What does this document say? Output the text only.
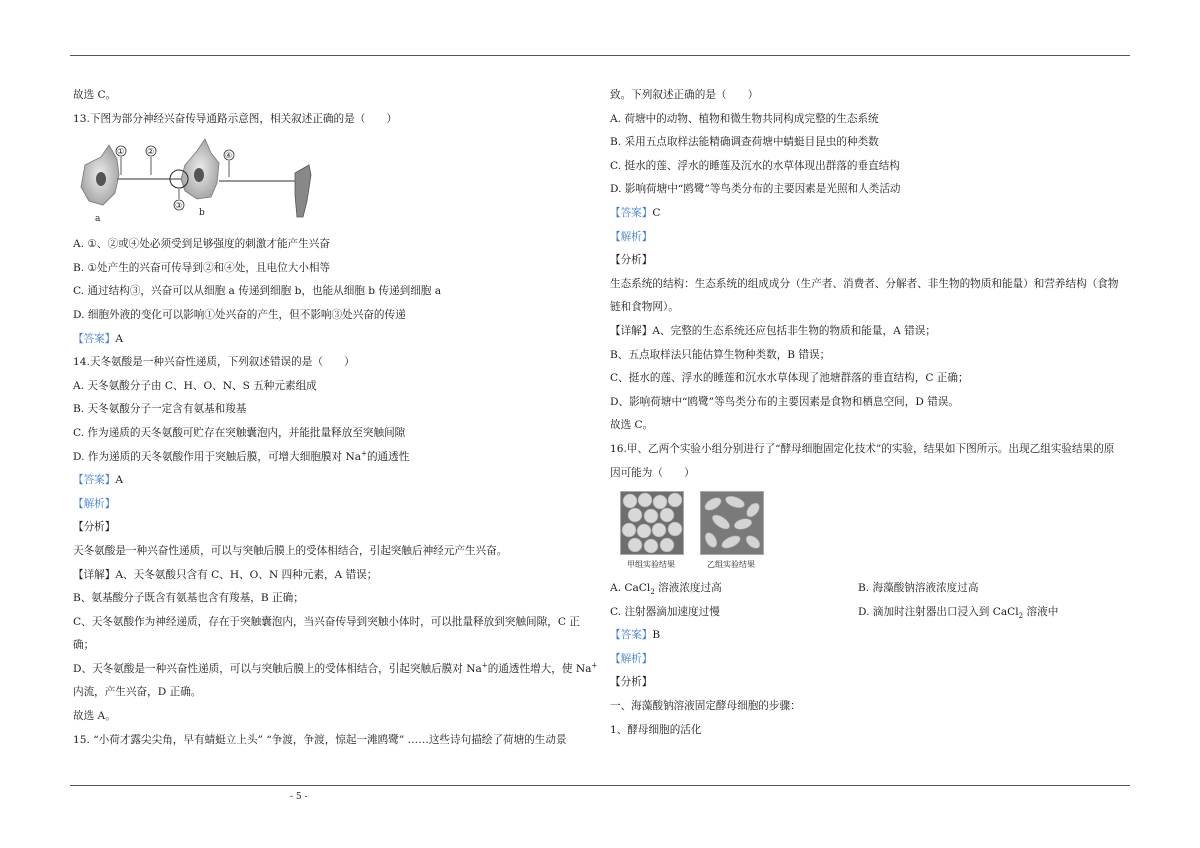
故选 C。
13.下图为部分神经兴奋传导通路示意图，相关叙述正确的是（　　）
①	②	④
③
a
b
A. ①、②或④处必须受到足够强度的刺激才能产生兴奋
B. ①处产生的兴奋可传导到②和④处，且电位大小相等
C. 通过结构③，兴奋可以从细胞 a 传递到细胞 b，也能从细胞 b 传递到细胞 a
D. 细胞外液的变化可以影响①处兴奋的产生，但不影响③处兴奋的传递
【答案】A
14.天冬氨酸是一种兴奋性递质，下列叙述错误的是（　　）
A. 天冬氨酸分子由 C、H、O、N、S 五种元素组成
B. 天冬氨酸分子一定含有氨基和羧基
C. 作为递质的天冬氨酸可贮存在突触囊泡内，并能批量释放至突触间隙
D. 作为递质的天冬氨酸作用于突触后膜，可增大细胞膜对 Na+的通透性
【答案】A
【解析】
【分析】
天冬氨酸是一种兴奋性递质，可以与突触后膜上的受体相结合，引起突触后神经元产生兴奋。
【详解】A、天冬氨酸只含有 C、H、O、N 四种元素，A 错误；
B、氨基酸分子既含有氨基也含有羧基，B 正确；
C、天冬氨酸作为神经递质，存在于突触囊泡内，当兴奋传导到突触小体时，可以批量释放到突触间隙，C 正
确；
D、天冬氨酸是一种兴奋性递质，可以与突触后膜上的受体相结合，引起突触后膜对 Na+的通透性增大，使 Na+
内流，产生兴奋，D 正确。
故选 A。
15. “小荷才露尖尖角，早有蜻蜓立上头” “争渡，争渡，惊起一滩鸥鹭” ……这些诗句描绘了荷塘的生动景
致。下列叙述正确的是（　　）
A. 荷塘中的动物、植物和微生物共同构成完整的生态系统
B. 采用五点取样法能精确调查荷塘中蜻蜓目昆虫的种类数
C. 挺水的莲、浮水的睡莲及沉水的水草体现出群落的垂直结构
D. 影响荷塘中“鸥鹭”等鸟类分布的主要因素是光照和人类活动
【答案】C
【解析】
【分析】
生态系统的结构：生态系统的组成成分（生产者、消费者、分解者、非生物的物质和能量）和营养结构（食物
链和食物网）。
【详解】A、完整的生态系统还应包括非生物的物质和能量，A 错误；
B、五点取样法只能估算生物种类数，B 错误；
C、挺水的莲、浮水的睡莲和沉水水草体现了池塘群落的垂直结构，C 正确；
D、影响荷塘中“鸥鹭”等鸟类分布的主要因素是食物和栖息空间，D 错误。
故选 C。
16.甲、乙两个实验小组分别进行了“酵母细胞固定化技术”的实验，结果如下图所示。出现乙组实验结果的原
因可能为（　　）
甲组实验结果	乙组实验结果
A. CaCl$_2$ 溶液浓度过高	B. 海藻酸钠溶液浓度过高
C. 注射器滴加速度过慢	D. 滴加时注射器出口浸入到 CaCl$_2$ 溶液中
【答案】B
【解析】
【分析】
一、海藻酸钠溶液固定酵母细胞的步骤：
1、酵母细胞的活化
- 5 -
